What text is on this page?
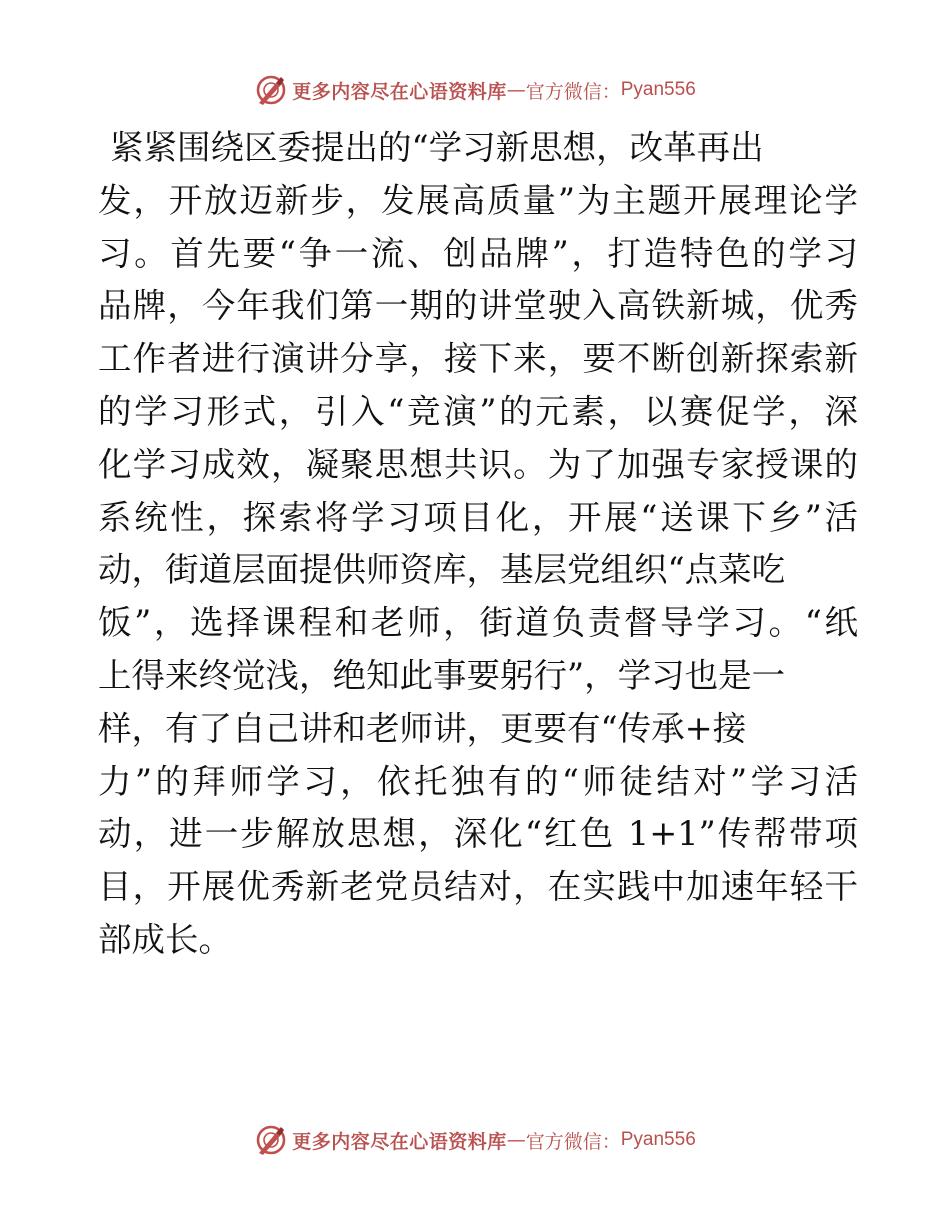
更多内容尽在心语资料库 — 官方微信： Pyan556
紧紧围绕区委提出的“学习新思想，改革再出
发，开放迈新步，发展高质量”为主题开展理论学
习。首先要“争一流、创品牌”，打造特色的学习
品牌，今年我们第一期的讲堂驶入高铁新城，优秀
工作者进行演讲分享，接下来，要不断创新探索新
的学习形式，引入“竞演”的元素，以赛促学，深
化学习成效，凝聚思想共识。为了加强专家授课的
系统性，探索将学习项目化，开展“送课下乡”活
动，街道层面提供师资库，基层党组织“点菜吃
饭”，选择课程和老师，街道负责督导学习。“纸
上得来终觉浅，绝知此事要躬行”，学习也是一
样，有了自己讲和老师讲，更要有“传承+接
力”的拜师学习，依托独有的“师徒结对”学习活
动，进一步解放思想，深化“红色 1+1”传帮带项
目，开展优秀新老党员结对，在实践中加速年轻干
部成长。
更多内容尽在心语资料库 — 官方微信： Pyan556
